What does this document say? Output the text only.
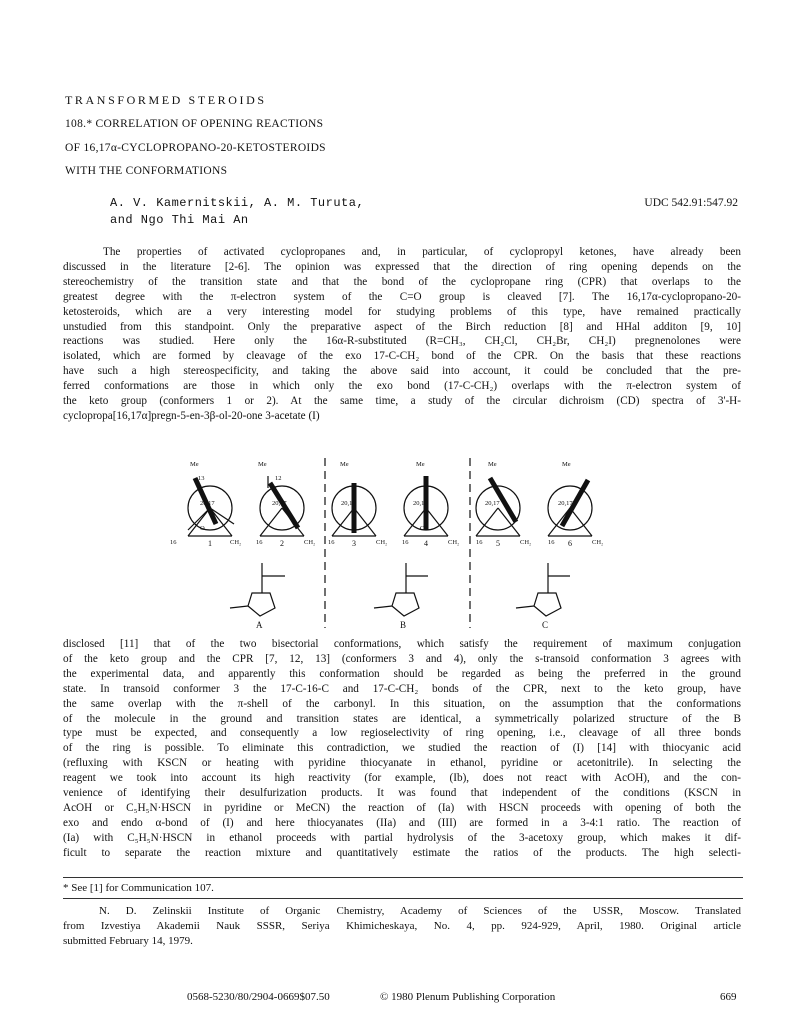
TRANSFORMED STEROIDS
108.* CORRELATION OF OPENING REACTIONS
OF 16,17α-CYCLOPROPANO-20-KETOSTEROIDS
WITH THE CONFORMATIONS
A. V. Kamernitskii, A. M. Turuta,
and Ngo Thi Mai An
UDC 542.91:547.92
The properties of activated cyclopropanes and, in particular, of cyclopropyl ketones, have already been
discussed in the literature [2-6]. The opinion was expressed that the direction of ring opening depends on the
stereochemistry of the transition state and that the bond of the cyclopropane ring (CPR) that overlaps to the
greatest degree with the π-electron system of the C=O group is cleaved [7]. The 16,17α-cyclopropano-20-
ketosteroids, which are a very interesting model for studying problems of this type, have remained practically
unstudied from this standpoint. Only the preparative aspect of the Birch reduction [8] and HHal additon [9, 10]
reactions was studied. Here only the 16α-R-substituted (R=CH₃, CH₂Cl, CH₂Br, CH₂I) pregnenolones were
isolated, which are formed by cleavage of the exo 17-C-CH₂ bond of the CPR. On the basis that these reactions
have such a high stereospecificity, and taking the above said into account, it could be concluded that the pre-
ferred conformations are those in which only the exo bond (17-C-CH₂) overlaps with the π-electron system of
the keto group (conformers 1 or 2). At the same time, a study of the circular dichroism (CD) spectra of 3'-H-
cyclopropa[16,17α]pregn-5-en-3β-ol-20-one 3-acetate (I)
Me	Me	Me	Me	Me	Me
13	12
20,17	20,17	20,17	20,17	20,17	20,17
O	O
16	CH₂ 16	CH₂ 16	CH₂ 16	CH₂	16	CH₂	16	CH₂
1	2	3	4	5	6
A	B	C
disclosed [11] that of the two bisectorial conformations, which satisfy the requirement of maximum conjugation
of the keto group and the CPR [7, 12, 13] (conformers 3 and 4), only the s-transoid conformation 3 agrees with
the experimental data, and apparently this conformation should be regarded as being the preferred in the ground
state. In transoid conformer 3 the 17-C-16-C and 17-C-CH₂ bonds of the CPR, next to the keto group, have
the same overlap with the π-shell of the carbonyl. In this situation, on the assumption that the conformations
of the molecule in the ground and transition states are identical, a symmetrically polarized structure of the B
type must be expected, and consequently a low regioselectivity of ring opening, i.e., cleavage of all three bonds
of the ring is possible. To eliminate this contradiction, we studied the reaction of (I) [14] with thiocyanic acid
(refluxing with KSCN or heating with pyridine thiocyanate in ethanol, pyridine or acetonitrile). In selecting the
reagent we took into account its high reactivity (for example, (Ib), does not react with AcOH), and the con-
venience of identifying their desulfurization products. It was found that independent of the conditions (KSCN in
AcOH or C₅H₅N·HSCN in pyridine or MeCN) the reaction of (Ia) with HSCN proceeds with opening of both the
exo and endo α-bond of (I) and here thiocyanates (IIa) and (III) are formed in a 3-4:1 ratio. The reaction of
(Ia) with C₅H₅N·HSCN in ethanol proceeds with partial hydrolysis of the 3-acetoxy group, which makes it dif-
ficult to separate the reaction mixture and quantitatively estimate the ratios of the products. The high selecti-
* See [1] for Communication 107.
N. D. Zelinskii Institute of Organic Chemistry, Academy of Sciences of the USSR, Moscow. Translated
from Izvestiya Akademii Nauk SSSR, Seriya Khimicheskaya, No. 4, pp. 924-929, April, 1980. Original article
submitted February 14, 1979.
0568-5230/80/2904-0669$07.50	© 1980 Plenum Publishing Corporation	669
